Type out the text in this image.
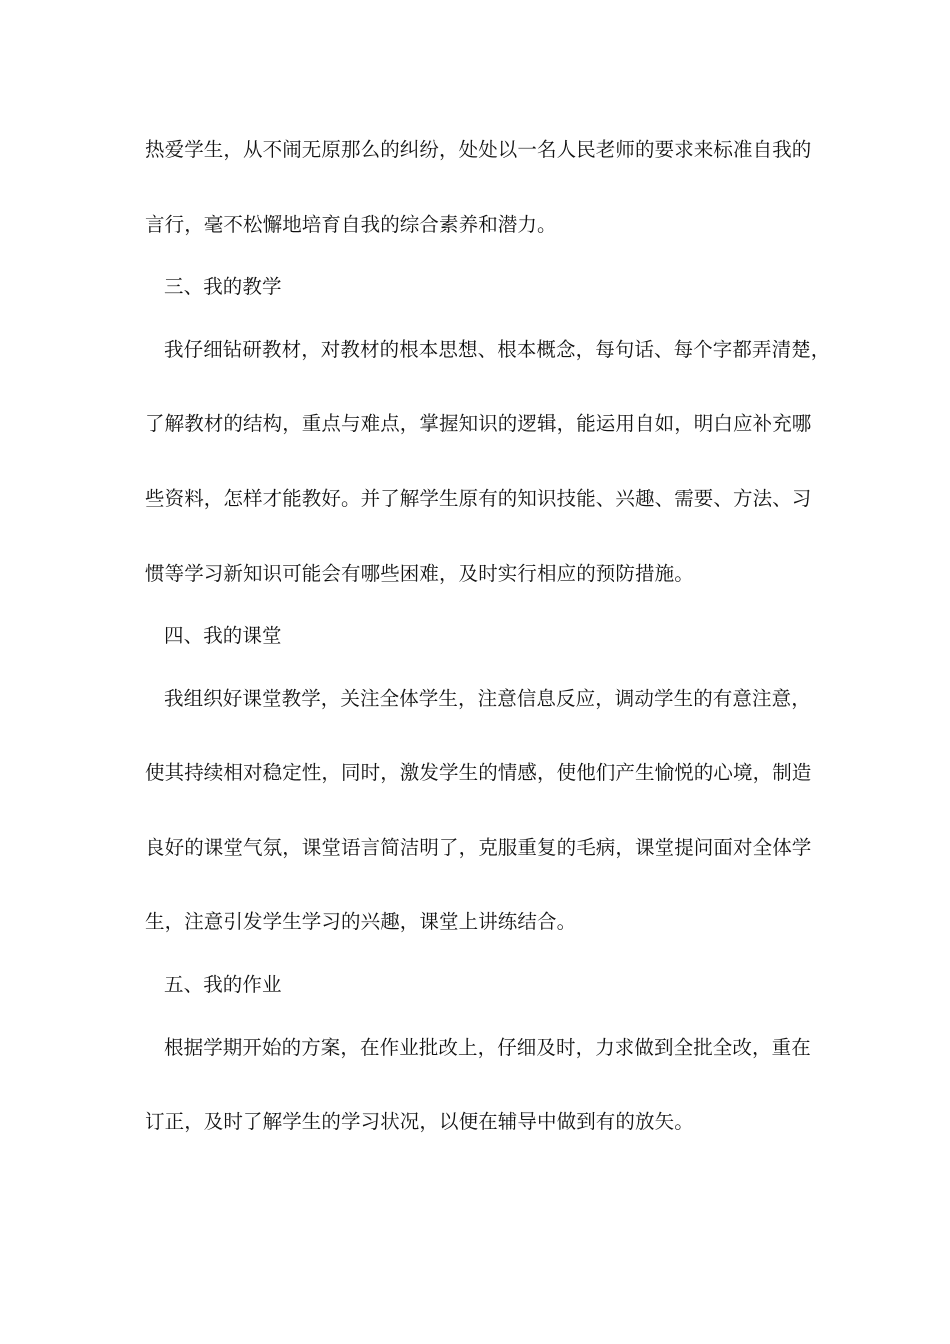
热爱学生，从不闹无原那么的纠纷，处处以一名人民老师的要求来标准自我的
言行，毫不松懈地培育自我的综合素养和潜力。
三、我的教学
我仔细钻研教材，对教材的根本思想、根本概念，每句话、每个字都弄清楚，
了解教材的结构，重点与难点，掌握知识的逻辑，能运用自如，明白应补充哪
些资料，怎样才能教好。并了解学生原有的知识技能、兴趣、需要、方法、习
惯等学习新知识可能会有哪些困难，及时实行相应的预防措施。
四、我的课堂
我组织好课堂教学，关注全体学生，注意信息反应，调动学生的有意注意，
使其持续相对稳定性，同时，激发学生的情感，使他们产生愉悦的心境，制造
良好的课堂气氛，课堂语言简洁明了，克服重复的毛病，课堂提问面对全体学
生，注意引发学生学习的兴趣，课堂上讲练结合。
五、我的作业
根据学期开始的方案，在作业批改上，仔细及时，力求做到全批全改，重在
订正，及时了解学生的学习状况，以便在辅导中做到有的放矢。
